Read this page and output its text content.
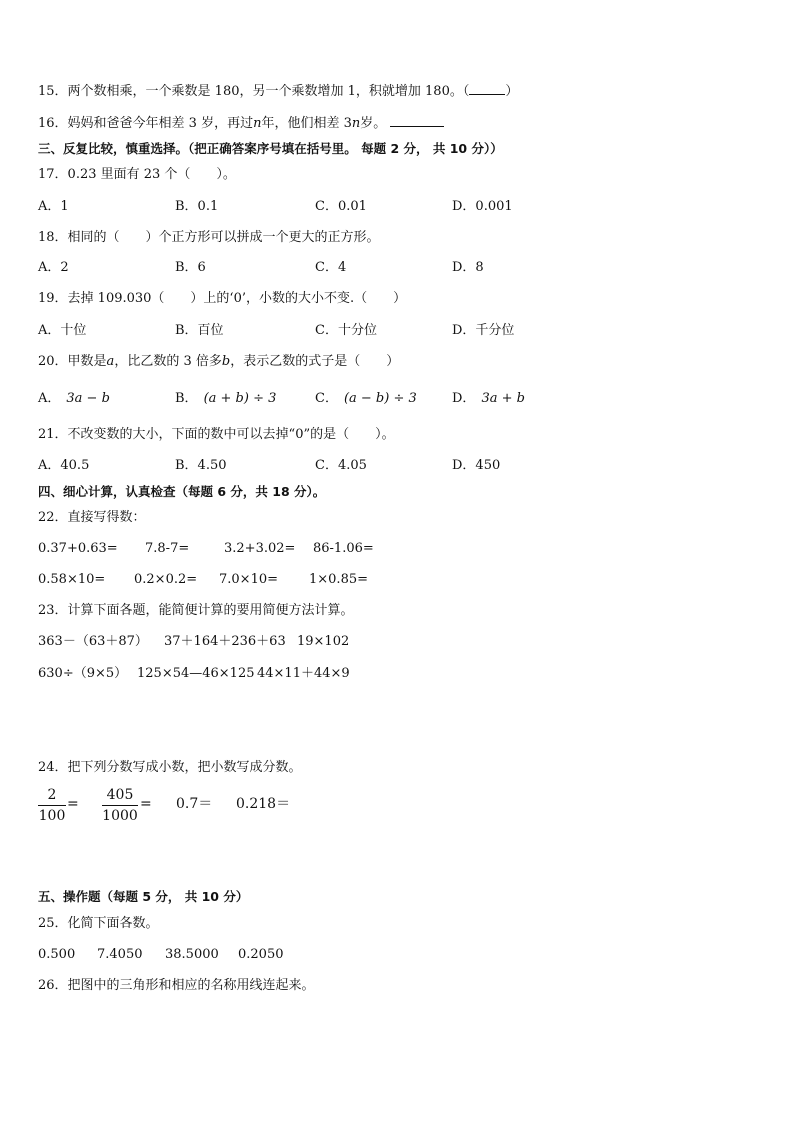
15．两个数相乘，一个乘数是 180，另一个乘数增加 1，积就增加 180。（	）
16．妈妈和爸爸今年相差 3 岁，再过n年，他们相差 3n岁。
三、反复比较，慎重选择。（把正确答案序号填在括号里。 每题 2 分， 共 10 分））
17．0.23 里面有 23 个（　　）。
A．1	B．0.1	C．0.01	D．0.001
18．相同的（　　）个正方形可以拼成一个更大的正方形。
A．2	B．6	C．4	D．8
19．去掉 109.030（　　）上的‘0’，小数的大小不变.（　　）
A．十位	B．百位	C．十分位	D．千分位
20．甲数是a，比乙数的 3 倍多b，表示乙数的式子是（　　）
A． 3a − b	B． (a + b) ÷ 3	C． (a − b) ÷ 3	D． 3a + b
21．不改变数的大小，下面的数中可以去掉“0”的是（　　）。
A．40.5	B．4.50	C．4.05	D．450
四、细心计算，认真检查（每题 6 分，共 18 分）。
22．直接写得数：
0.37+0.63= 7.8-7=	3.2+3.02= 86-1.06=
0.58×10= 0.2×0.2= 7.0×10= 1×0.85=
23．计算下面各题，能简便计算的要用简便方法计算。
363－（63＋87） 37＋164＋236＋63 19×102
630÷（9×5） 125×54—46×125 44×11＋44×9
24．把下列分数写成小数，把小数写成分数。
2
100
=
405
1000
= 0.7＝ 0.218＝
五、操作题（每题 5 分， 共 10 分）
25．化简下面各数。
0.500 7.4050 38.5000 0.2050
26．把图中的三角形和相应的名称用线连起来。
